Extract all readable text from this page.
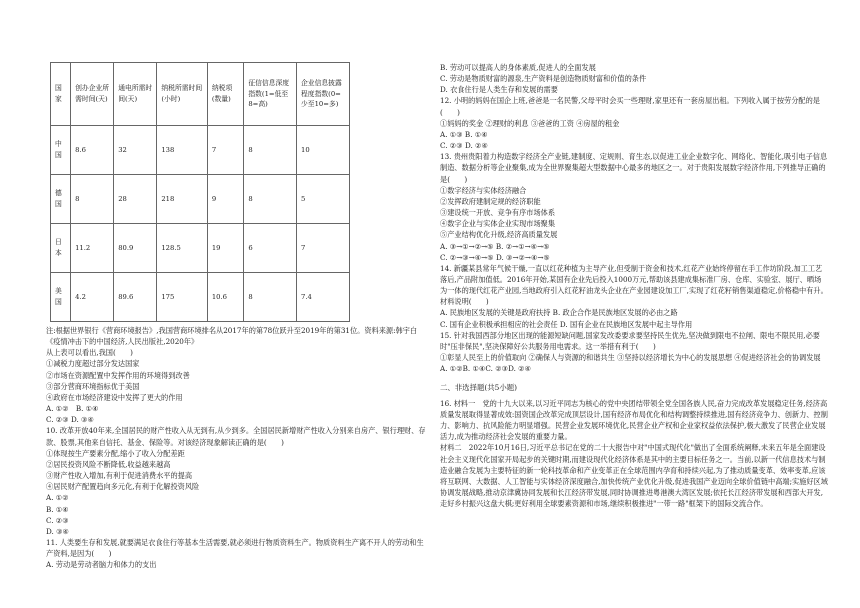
国家	创办企业所需时间(天)	通电所需时间(天)	纳税所需时间(小时)	纳税项(数量)	征信信息深度指数(1=低至8=高)	企业信息披露程度指数(0=少至10=多)
中国	8.6	32	138	7	8	10
德国	8	28	218	9	8	5
日本	11.2	80.9	128.5	19	6	7
美国	4.2	89.6	175	10.6	8	7.4

注:根据世界银行《营商环境报告》,我国营商环境排名从2017年的第78位跃升至2019年的第31位。资料来源:韩宇白《疫情冲击下的中国经济,人民出版社,2020年》

从上表可以看出,我国(　　)

①减税力度超过部分发达国家

②市场在资源配置中发挥作用的环境得到改善

③部分营商环境指标优于美国

④政府在市场经济建设中发挥了更大的作用

A. ①②　B. ①④

C. ②③ D. ③④

10. 改革开放40年来,全国居民的财产性收入从无到有,从少到多。全国居民新增财产性收入分别来自房产、银行理财、存款、股票,其他来自信托、基金、保险等。对该经济现象解读正确的是(　　)

①体现按生产要素分配,缩小了收入分配差距

②居民投资风险不断降低,收益越来越高

③财产性收入增加,有利于促进消费水平的提高

④居民财产配置趋向多元化,有利于化解投资风险

A. ①②

B. ①④

C. ②③

D. ③④

11. 人类要生存和发展,就要满足衣食住行等基本生活需要,就必须进行物质资料生产。物质资料生产离不开人的劳动和生产资料,是因为(　　)

A. 劳动是劳动者脑力和体力的支出

B. 劳动可以提高人的身体素质,促进人的全面发展

C. 劳动是物质财富的源泉,生产资料是创造物质财富和价值的条件

D. 衣食住行是人类生存和发展的需要

12. 小明的妈妈在国企上班,爸爸是一名民警,父母平时会买一些理财,家里还有一套房屋出租。下列收入属于按劳分配的是(　　)

①妈妈的奖金 ②理财的利息 ③爸爸的工资 ④房屋的租金

A. ①③ B. ①④

C. ②③ D. ②④

13. 贵州贵阳着力构造数字经济全产业链,建制度、定规则、育生态,以促进工业企业数字化、网络化、智能化,吸引电子信息制造、数据分析等企业聚集,成为全世界聚集超大型数据中心最多的地区之一。对于贵阳发展数字经济作用,下列推导正确的是(　　)

①数字经济与实体经济融合

②发挥政府建制定规的经济职能

③建设统一开放、竞争有序市场体系

④数字企业与实体企业实现市场聚集

⑤产业结构优化升级,经济高质量发展

A. ③→①→②→⑤ B. ②→①→④→⑤

C. ②→③→④→⑤ D. ③→②→④→⑤

14. 新疆某县常年气候干燥,一直以红花种植为主导产业,但受制于资金和技术,红花产业始终停留在手工作坊阶段,加工工艺落后,产品附加值低。2016年开始,某国有企业先后投入1000万元,帮助该县建成集标准厂房、仓库、实验室、展厅、晒场为一体的现代红花产业园,当地政府引入红花籽油龙头企业在产业园建设加工厂,实现了红花籽销售渠道稳定,价格稳中有升。材料说明(　　)

A. 民族地区发展的关键是政府扶持 B. 政企合作是民族地区发展的必由之路

C. 国有企业积极承担相应的社会责任 D. 国有企业在民族地区发展中起主导作用

15. 针对我国西部分地区出现的能源短缺问题,国家发改委要求要坚持民生优先,坚决做到限电不拉闸、限电不限民用,必要时"压非保民",坚决保障好公共服务用电需求。这一举措有利于(　　)

①彰显人民至上的价值取向 ②确保人与资源的和谐共生 ③坚持以经济增长为中心的发展思想 ④促进经济社会的协调发展

A. ①②B. ①④C. ②③D. ②④

二、非选择题(共5小题)

16. 材料一　党的十九大以来,以习近平同志为核心的党中央团结带领全党全国各族人民,奋力完成改革发展稳定任务,经济高质量发展取得显著成效:国资国企改革完成顶层设计,国有经济布局优化和结构调整持续推进,国有经济竞争力、创新力、控制力、影响力、抗风险能力明显增强。民营企业发展环境优化,民营企业产权和企业家权益依法保护,极大激发了民营企业发展活力,成为推动经济社会发展的重要力量。

材料二　2022年10月16日,习近平总书记在党的二十大报告中对"中国式现代化"做出了全面系统阐释,未来五年是全面建设社会主义现代化国家开局起步的关键时期,而建设现代化经济体系是其中的主要目标任务之一。当前,以新一代信息技术与制造业融合发展为主要特征的新一轮科技革命和产业变革正在全球范围内孕育和持续兴起,为了推动质量变革、效率变革,应该将互联网、大数据、人工智能与实体经济深度融合,加快传统产业优化升级,促进我国产业迈向全球价值链中高端;实施好区域协调发展战略,推动京津冀协同发展和长江经济带发展,同时协调推进粤港澳大湾区发展;依托长江经济带发展和西部大开发,走好乡村振兴这盘大棋;更好利用全球要素资源和市场,继续积极推进"一带一路"框架下的国际交流合作。
